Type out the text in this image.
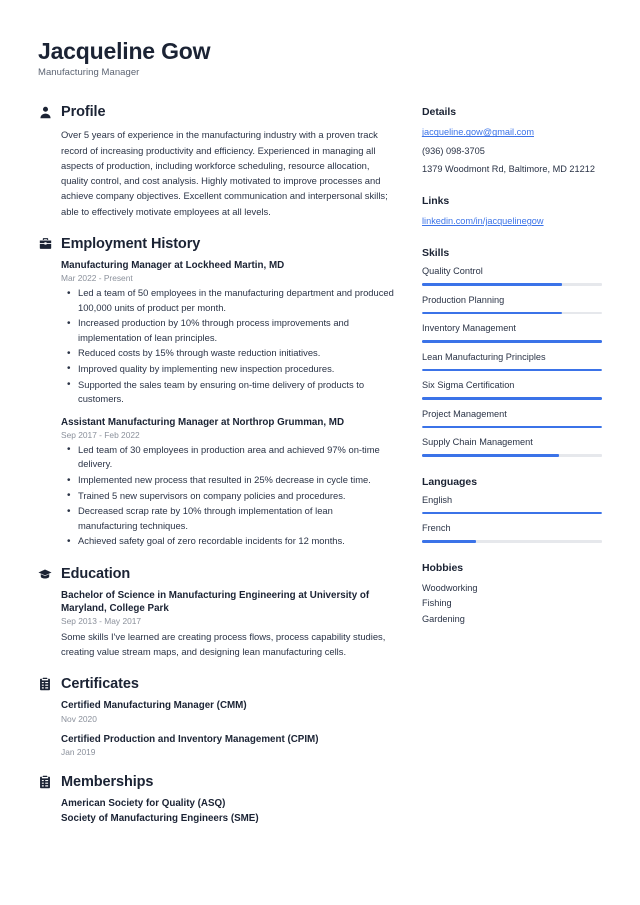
Jacqueline Gow
Manufacturing Manager
Profile

Over 5 years of experience in the manufacturing industry with a proven track record of increasing productivity and efficiency. Experienced in managing all aspects of production, including workforce scheduling, resource allocation, quality control, and cost analysis. Highly motivated to improve processes and achieve company objectives. Excellent communication and interpersonal skills; able to effectively motivate employees at all levels.

Employment History
Manufacturing Manager at Lockheed Martin, MD
Mar 2022 - Present
• Led a team of 50 employees in the manufacturing department and produced 100,000 units of product per month.
• Increased production by 10% through process improvements and implementation of lean principles.
• Reduced costs by 15% through waste reduction initiatives.
• Improved quality by implementing new inspection procedures.
• Supported the sales team by ensuring on-time delivery of products to customers.
Assistant Manufacturing Manager at Northrop Grumman, MD
Sep 2017 - Feb 2022
• Led team of 30 employees in production area and achieved 97% on-time delivery.
• Implemented new process that resulted in 25% decrease in cycle time.
• Trained 5 new supervisors on company policies and procedures.
• Decreased scrap rate by 10% through implementation of lean manufacturing techniques.
• Achieved safety goal of zero recordable incidents for 12 months.
Education
Bachelor of Science in Manufacturing Engineering at University of Maryland, College Park
Sep 2013 - May 2017
Some skills I've learned are creating process flows, process capability studies, creating value stream maps, and designing lean manufacturing cells.
Certificates
Certified Manufacturing Manager (CMM)
Nov 2020
Certified Production and Inventory Management (CPIM)
Jan 2019
Memberships
American Society for Quality (ASQ)
Society of Manufacturing Engineers (SME)
Details
jacqueline.gow@gmail.com
(936) 098-3705
1379 Woodmont Rd, Baltimore, MD 21212
Links
linkedin.com/in/jacquelinegow
Skills
Quality Control
Production Planning
Inventory Management
Lean Manufacturing Principles
Six Sigma Certification
Project Management
Supply Chain Management
Languages
English
French
Hobbies
Woodworking
Fishing
Gardening
